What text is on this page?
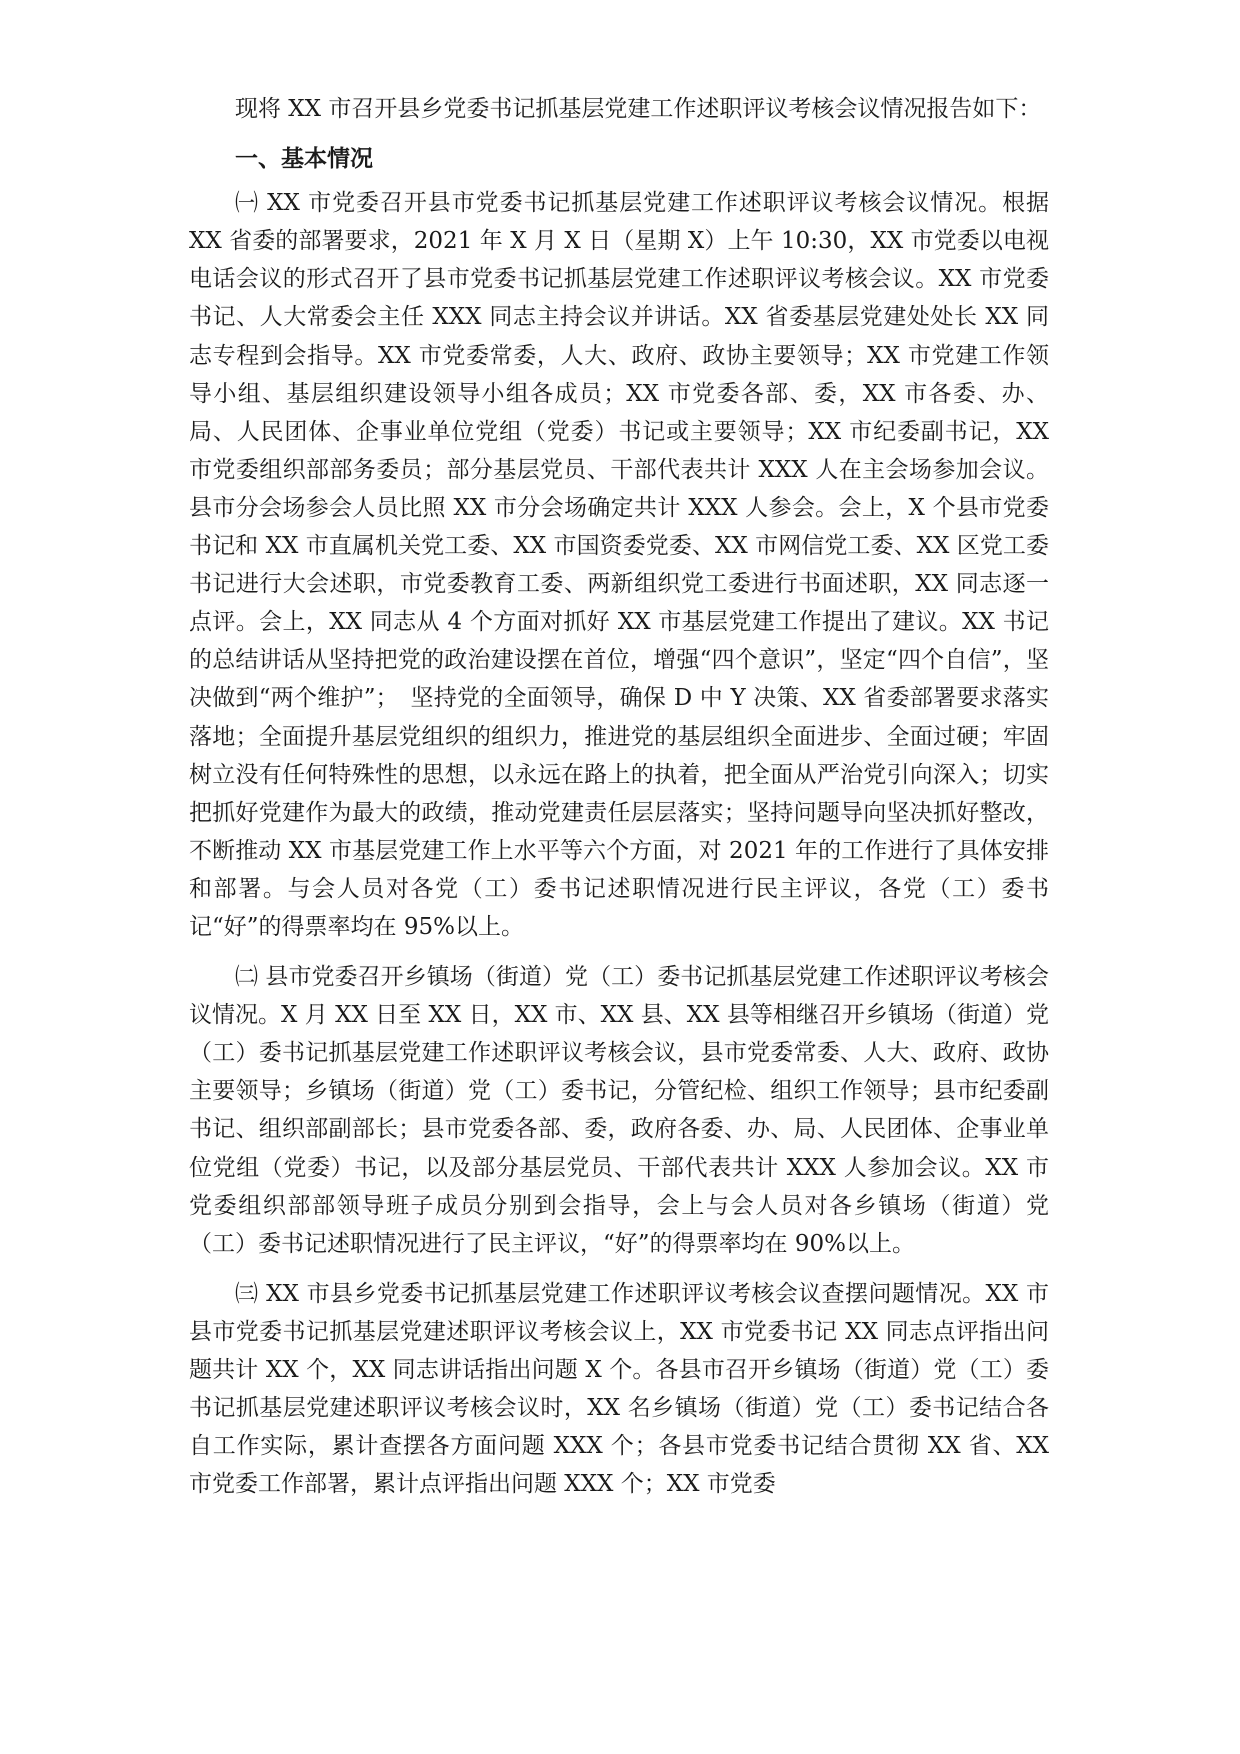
现将 XX 市召开县乡党委书记抓基层党建工作述职评议考核会议情况报告如下：

一、基本情况

㈠ XX 市党委召开县市党委书记抓基层党建工作述职评议考核会议情况。根据 XX 省委的部署要求，2021 年 X 月 X 日（星期 X）上午 10:30，XX 市党委以电视电话会议的形式召开了县市党委书记抓基层党建工作述职评议考核会议。XX 市党委书记、人大常委会主任 XXX 同志主持会议并讲话。XX 省委基层党建处处长 XX 同志专程到会指导。XX 市党委常委，人大、政府、政协主要领导；XX 市党建工作领导小组、基层组织建设领导小组各成员；XX 市党委各部、委，XX 市各委、办、局、人民团体、企事业单位党组（党委）书记或主要领导；XX 市纪委副书记，XX 市党委组织部部务委员；部分基层党员、干部代表共计 XXX 人在主会场参加会议。县市分会场参会人员比照 XX 市分会场确定共计 XXX 人参会。会上，X 个县市党委书记和 XX 市直属机关党工委、XX 市国资委党委、XX 市网信党工委、XX 区党工委书记进行大会述职，市党委教育工委、两新组织党工委进行书面述职，XX 同志逐一点评。会上，XX 同志从 4 个方面对抓好 XX 市基层党建工作提出了建议。XX 书记的总结讲话从坚持把党的政治建设摆在首位，增强“四个意识”，坚定“四个自信”，坚决做到“两个维护”；　坚持党的全面领导，确保 D 中 Y 决策、XX 省委部署要求落实落地；全面提升基层党组织的组织力，推进党的基层组织全面进步、全面过硬；牢固树立没有任何特殊性的思想，以永远在路上的执着，把全面从严治党引向深入；切实把抓好党建作为最大的政绩，推动党建责任层层落实；坚持问题导向坚决抓好整改，不断推动 XX 市基层党建工作上水平等六个方面，对 2021 年的工作进行了具体安排和部署。与会人员对各党（工）委书记述职情况进行民主评议，各党（工）委书记“好”的得票率均在 95%以上。

㈡ 县市党委召开乡镇场（街道）党（工）委书记抓基层党建工作述职评议考核会议情况。X 月 XX 日至 XX 日，XX 市、XX 县、XX 县等相继召开乡镇场（街道）党（工）委书记抓基层党建工作述职评议考核会议，县市党委常委、人大、政府、政协主要领导；乡镇场（街道）党（工）委书记，分管纪检、组织工作领导；县市纪委副书记、组织部副部长；县市党委各部、委，政府各委、办、局、人民团体、企事业单位党组（党委）书记，以及部分基层党员、干部代表共计 XXX 人参加会议。XX 市党委组织部部领导班子成员分别到会指导，会上与会人员对各乡镇场（街道）党（工）委书记述职情况进行了民主评议，“好”的得票率均在 90%以上。

㈢ XX 市县乡党委书记抓基层党建工作述职评议考核会议查摆问题情况。XX 市县市党委书记抓基层党建述职评议考核会议上，XX 市党委书记 XX 同志点评指出问题共计 XX 个，XX 同志讲话指出问题 X 个。各县市召开乡镇场（街道）党（工）委书记抓基层党建述职评议考核会议时，XX 名乡镇场（街道）党（工）委书记结合各自工作实际，累计查摆各方面问题 XXX 个；各县市党委书记结合贯彻 XX 省、XX 市党委工作部署，累计点评指出问题 XXX 个；XX 市党委
